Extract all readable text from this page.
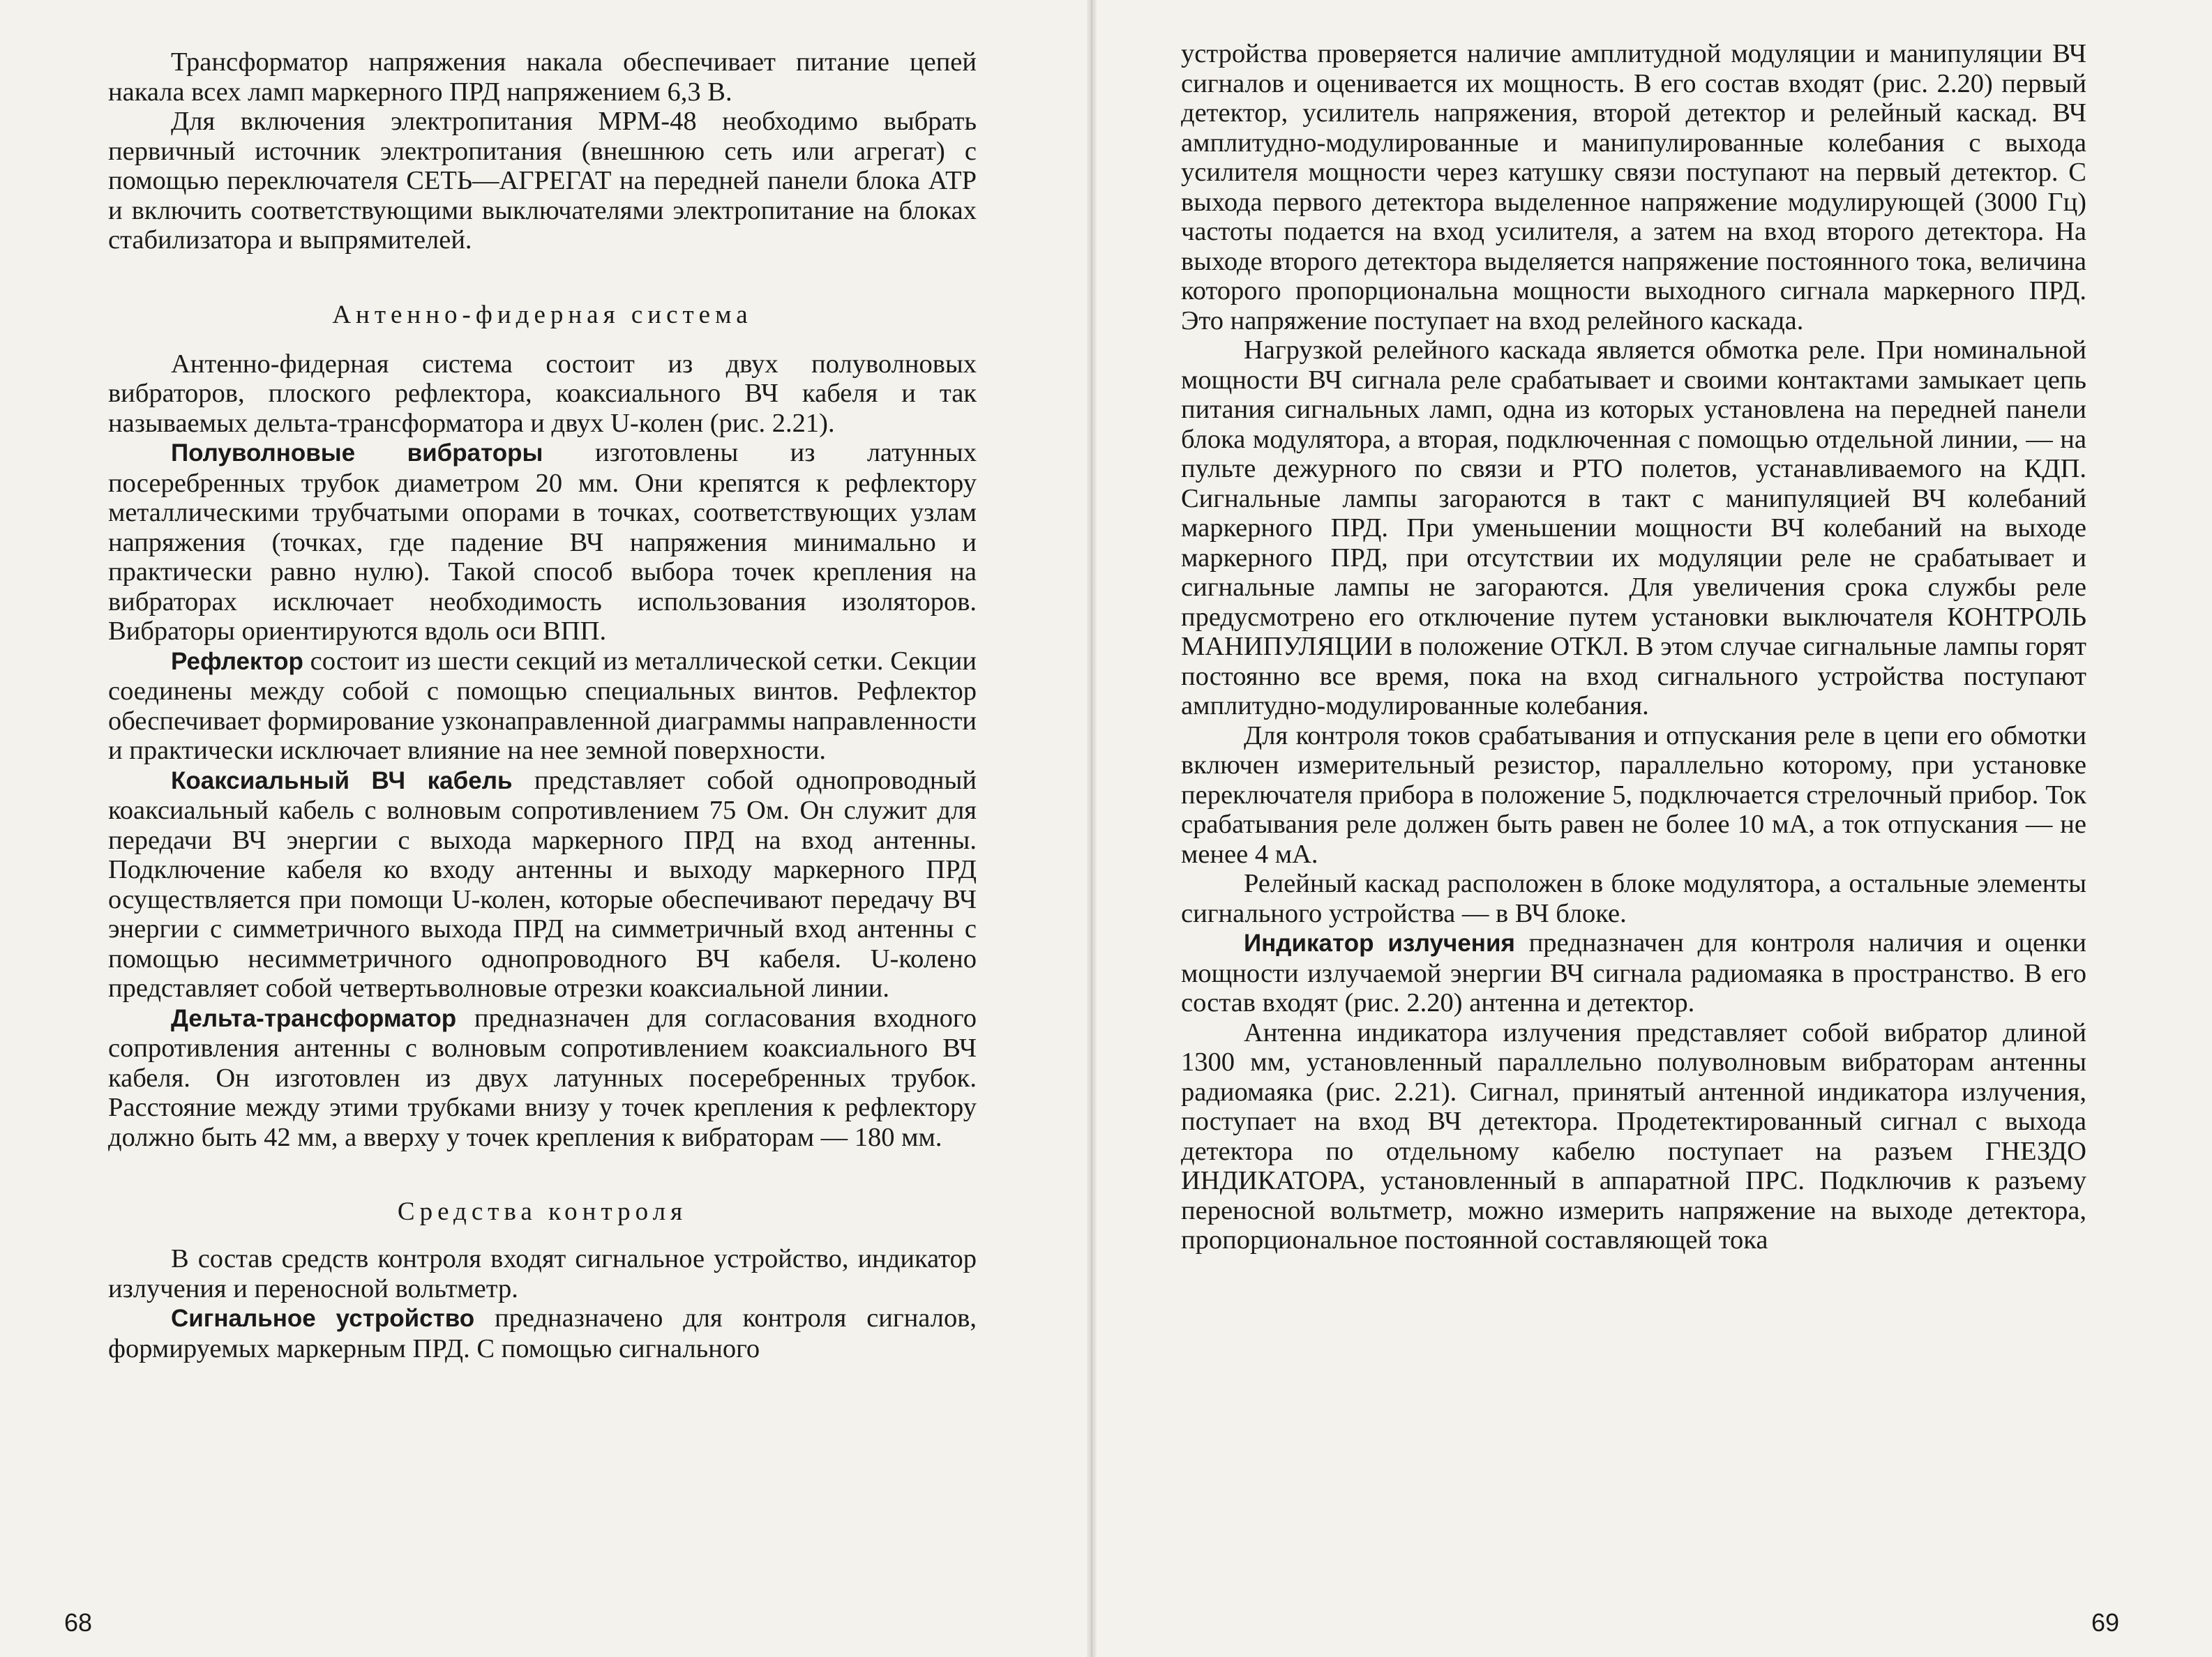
Трансформатор напряжения накала обеспечивает питание цепей накала всех ламп маркерного ПРД напряжением 6,3 В.

Для включения электропитания МРМ-48 необходимо выбрать первичный источник электропитания (внешнюю сеть или агрегат) с помощью переключателя СЕТЬ—АГРЕГАТ на передней панели блока АТР и включить соответствующими выключателями электропитание на блоках стабилизатора и выпрямителей.

Антенно-фидерная система

Антенно-фидерная система состоит из двух полуволновых вибраторов, плоского рефлектора, коаксиального ВЧ кабеля и так называемых дельта-трансформатора и двух U-колен (рис. 2.21).

Полуволновые вибраторы изготовлены из латунных посеребренных трубок диаметром 20 мм. Они крепятся к рефлектору металлическими трубчатыми опорами в точках, соответствующих узлам напряжения (точках, где падение ВЧ напряжения минимально и практически равно нулю). Такой способ выбора точек крепления на вибраторах исключает необходимость использования изоляторов. Вибраторы ориентируются вдоль оси ВПП.

Рефлектор состоит из шести секций из металлической сетки. Секции соединены между собой с помощью специальных винтов. Рефлектор обеспечивает формирование узконаправленной диаграммы направленности и практически исключает влияние на нее земной поверхности.

Коаксиальный ВЧ кабель представляет собой однопроводный коаксиальный кабель с волновым сопротивлением 75 Ом. Он служит для передачи ВЧ энергии с выхода маркерного ПРД на вход антенны. Подключение кабеля ко входу антенны и выходу маркерного ПРД осуществляется при помощи U-колен, которые обеспечивают передачу ВЧ энергии с симметричного выхода ПРД на симметричный вход антенны с помощью несимметричного однопроводного ВЧ кабеля. U-колено представляет собой четвертьволновые отрезки коаксиальной линии.

Дельта-трансформатор предназначен для согласования входного сопротивления антенны с волновым сопротивлением коаксиального ВЧ кабеля. Он изготовлен из двух латунных посеребренных трубок. Расстояние между этими трубками внизу у точек крепления к рефлектору должно быть 42 мм, а вверху у точек крепления к вибраторам — 180 мм.

Средства контроля

В состав средств контроля входят сигнальное устройство, индикатор излучения и переносной вольтметр.

Сигнальное устройство предназначено для контроля сигналов, формируемых маркерным ПРД. С помощью сигнального

устройства проверяется наличие амплитудной модуляции и манипуляции ВЧ сигналов и оценивается их мощность. В его состав входят (рис. 2.20) первый детектор, усилитель напряжения, второй детектор и релейный каскад. ВЧ амплитудно-модулированные и манипулированные колебания с выхода усилителя мощности через катушку связи поступают на первый детектор. С выхода первого детектора выделенное напряжение модулирующей (3000 Гц) частоты подается на вход усилителя, а затем на вход второго детектора. На выходе второго детектора выделяется напряжение постоянного тока, величина которого пропорциональна мощности выходного сигнала маркерного ПРД. Это напряжение поступает на вход релейного каскада.

Нагрузкой релейного каскада является обмотка реле. При номинальной мощности ВЧ сигнала реле срабатывает и своими контактами замыкает цепь питания сигнальных ламп, одна из которых установлена на передней панели блока модулятора, а вторая, подключенная с помощью отдельной линии, — на пульте дежурного по связи и РТО полетов, устанавливаемого на КДП. Сигнальные лампы загораются в такт с манипуляцией ВЧ колебаний маркерного ПРД. При уменьшении мощности ВЧ колебаний на выходе маркерного ПРД, при отсутствии их модуляции реле не срабатывает и сигнальные лампы не загораются. Для увеличения срока службы реле предусмотрено его отключение путем установки выключателя КОНТРОЛЬ МАНИПУЛЯЦИИ в положение ОТКЛ. В этом случае сигнальные лампы горят постоянно все время, пока на вход сигнального устройства поступают амплитудно-модулированные колебания.

Для контроля токов срабатывания и отпускания реле в цепи его обмотки включен измерительный резистор, параллельно которому, при установке переключателя прибора в положение 5, подключается стрелочный прибор. Ток срабатывания реле должен быть равен не более 10 мА, а ток отпускания — не менее 4 мА.

Релейный каскад расположен в блоке модулятора, а остальные элементы сигнального устройства — в ВЧ блоке.

Индикатор излучения предназначен для контроля наличия и оценки мощности излучаемой энергии ВЧ сигнала радиомаяка в пространство. В его состав входят (рис. 2.20) антенна и детектор.

Антенна индикатора излучения представляет собой вибратор длиной 1300 мм, установленный параллельно полуволновым вибраторам антенны радиомаяка (рис. 2.21). Сигнал, принятый антенной индикатора излучения, поступает на вход ВЧ детектора. Продетектированный сигнал с выхода детектора по отдельному кабелю поступает на разъем ГНЕЗДО ИНДИКАТОРА, установленный в аппаратной ПРС. Подключив к разъему переносной вольтметр, можно измерить напряжение на выходе детектора, пропорциональное постоянной составляющей тока

68	69
